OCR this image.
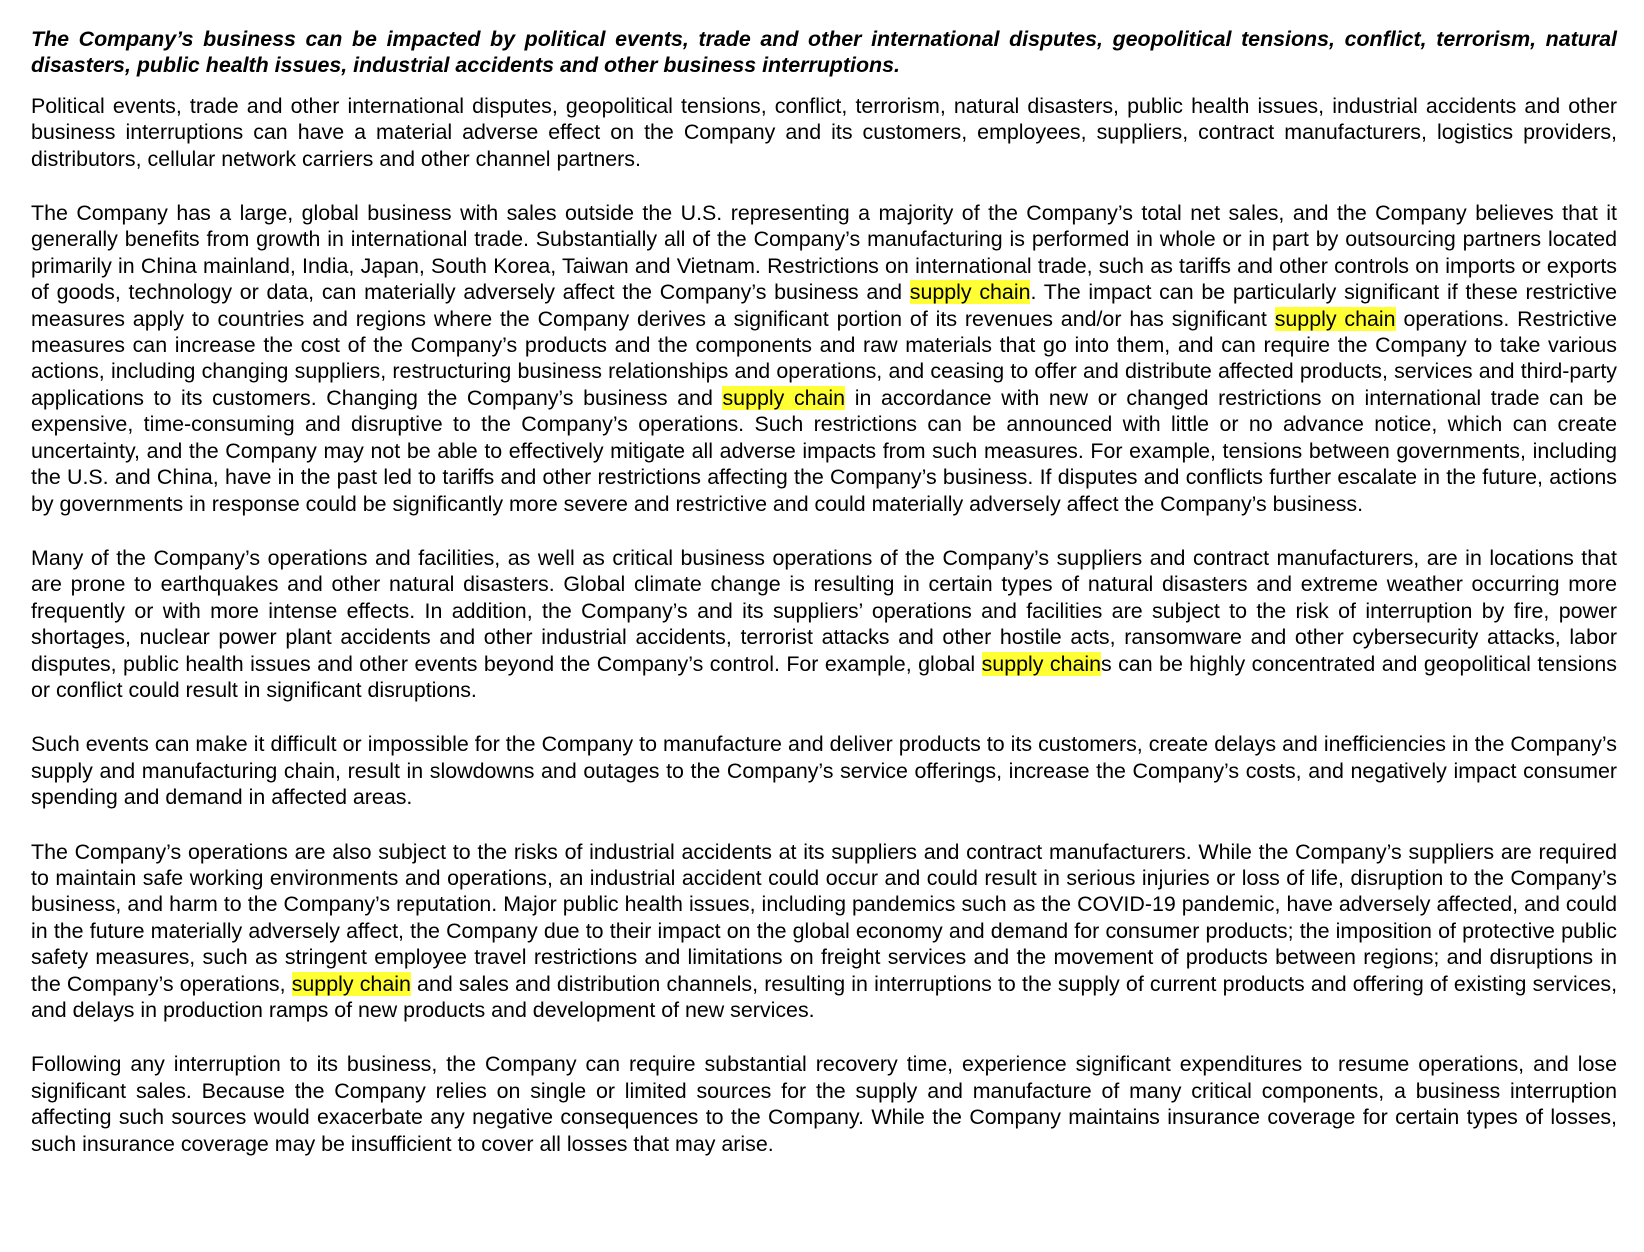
The Company’s business can be impacted by political events, trade and other international disputes, geopolitical tensions, conflict, terrorism, natural disasters, public health issues, industrial accidents and other business interruptions.

Political events, trade and other international disputes, geopolitical tensions, conflict, terrorism, natural disasters, public health issues, industrial accidents and other business interruptions can have a material adverse effect on the Company and its customers, employees, suppliers, contract manufacturers, logistics providers, distributors, cellular network carriers and other channel partners.

The Company has a large, global business with sales outside the U.S. representing a majority of the Company’s total net sales, and the Company believes that it generally benefits from growth in international trade. Substantially all of the Company’s manufacturing is performed in whole or in part by outsourcing partners located primarily in China mainland, India, Japan, South Korea, Taiwan and Vietnam. Restrictions on international trade, such as tariffs and other controls on imports or exports of goods, technology or data, can materially adversely affect the Company’s business and supply chain. The impact can be particularly significant if these restrictive measures apply to countries and regions where the Company derives a significant portion of its revenues and/or has significant supply chain operations. Restrictive measures can increase the cost of the Company’s products and the components and raw materials that go into them, and can require the Company to take various actions, including changing suppliers, restructuring business relationships and operations, and ceasing to offer and distribute affected products, services and third-party applications to its customers. Changing the Company’s business and supply chain in accordance with new or changed restrictions on international trade can be expensive, time-consuming and disruptive to the Company’s operations. Such restrictions can be announced with little or no advance notice, which can create uncertainty, and the Company may not be able to effectively mitigate all adverse impacts from such measures. For example, tensions between governments, including the U.S. and China, have in the past led to tariffs and other restrictions affecting the Company’s business. If disputes and conflicts further escalate in the future, actions by governments in response could be significantly more severe and restrictive and could materially adversely affect the Company’s business.

Many of the Company’s operations and facilities, as well as critical business operations of the Company’s suppliers and contract manufacturers, are in locations that are prone to earthquakes and other natural disasters. Global climate change is resulting in certain types of natural disasters and extreme weather occurring more frequently or with more intense effects. In addition, the Company’s and its suppliers’ operations and facilities are subject to the risk of interruption by fire, power shortages, nuclear power plant accidents and other industrial accidents, terrorist attacks and other hostile acts, ransomware and other cybersecurity attacks, labor disputes, public health issues and other events beyond the Company’s control. For example, global supply chains can be highly concentrated and geopolitical tensions or conflict could result in significant disruptions.

Such events can make it difficult or impossible for the Company to manufacture and deliver products to its customers, create delays and inefficiencies in the Company’s supply and manufacturing chain, result in slowdowns and outages to the Company’s service offerings, increase the Company’s costs, and negatively impact consumer spending and demand in affected areas.

The Company’s operations are also subject to the risks of industrial accidents at its suppliers and contract manufacturers. While the Company’s suppliers are required to maintain safe working environments and operations, an industrial accident could occur and could result in serious injuries or loss of life, disruption to the Company’s business, and harm to the Company’s reputation. Major public health issues, including pandemics such as the COVID-19 pandemic, have adversely affected, and could in the future materially adversely affect, the Company due to their impact on the global economy and demand for consumer products; the imposition of protective public safety measures, such as stringent employee travel restrictions and limitations on freight services and the movement of products between regions; and disruptions in the Company’s operations, supply chain and sales and distribution channels, resulting in interruptions to the supply of current products and offering of existing services, and delays in production ramps of new products and development of new services.

Following any interruption to its business, the Company can require substantial recovery time, experience significant expenditures to resume operations, and lose significant sales. Because the Company relies on single or limited sources for the supply and manufacture of many critical components, a business interruption affecting such sources would exacerbate any negative consequences to the Company. While the Company maintains insurance coverage for certain types of losses, such insurance coverage may be insufficient to cover all losses that may arise.
